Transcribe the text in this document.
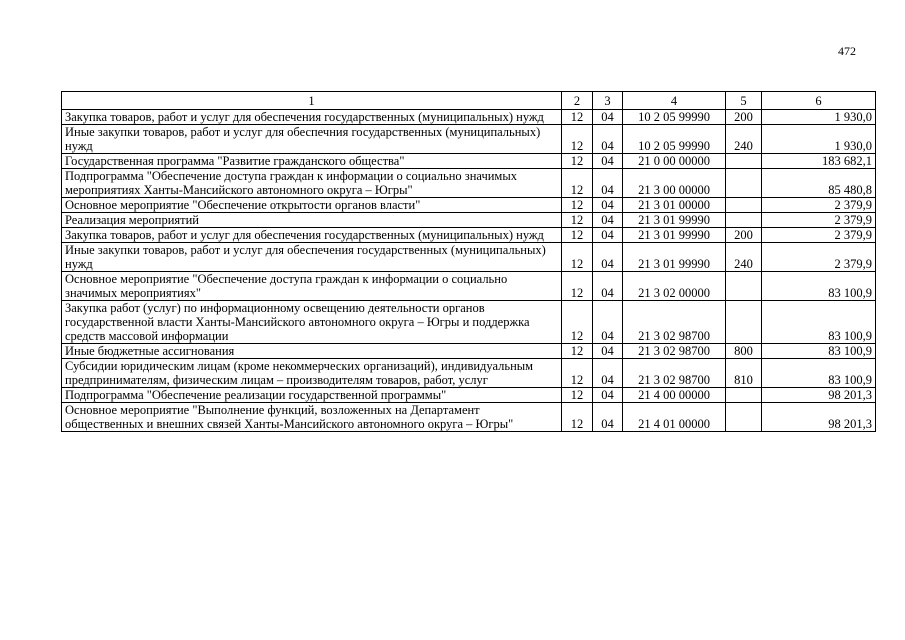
472
1	2	3	4	5	6
Закупка товаров, работ и услуг для обеспечения государственных (муниципальных) нужд	12	04	10 2 05 99990	200	1 930,0
Иные закупки товаров, работ и услуг для обеспечния государственных (муниципальных) нужд	12	04	10 2 05 99990	240	1 930,0
Государственная программа "Развитие гражданского общества"	12	04	21 0 00 00000		183 682,1
Подпрограмма "Обеспечение доступа граждан к информации о социально значимых мероприятиях Ханты-Мансийского автономного округа – Югры"	12	04	21 3 00 00000		85 480,8
Основное мероприятие "Обеспечение открытости органов власти"	12	04	21 3 01 00000		2 379,9
Реализация мероприятий	12	04	21 3 01 99990		2 379,9
Закупка товаров, работ и услуг для обеспечения государственных (муниципальных) нужд	12	04	21 3 01 99990	200	2 379,9
Иные закупки товаров, работ и услуг для обеспечения государственных (муниципальных) нужд	12	04	21 3 01 99990	240	2 379,9
Основное мероприятие "Обеспечение доступа граждан к информации о социально значимых мероприятиях"	12	04	21 3 02 00000		83 100,9
Закупка работ (услуг) по информационному освещению деятельности органов государственной власти Ханты-Мансийского автономного округа – Югры и поддержка средств массовой информации	12	04	21 3 02 98700		83 100,9
Иные бюджетные ассигнования	12	04	21 3 02 98700	800	83 100,9
Субсидии юридическим лицам (кроме некоммерческих организаций), индивидуальным предпринимателям, физическим лицам – производителям товаров, работ, услуг	12	04	21 3 02 98700	810	83 100,9
Подпрограмма "Обеспечение реализации государственной программы"	12	04	21 4 00 00000		98 201,3
Основное мероприятие "Выполнение функций, возложенных на Департамент общественных и внешних связей Ханты-Мансийского автономного округа – Югры"	12	04	21 4 01 00000		98 201,3
